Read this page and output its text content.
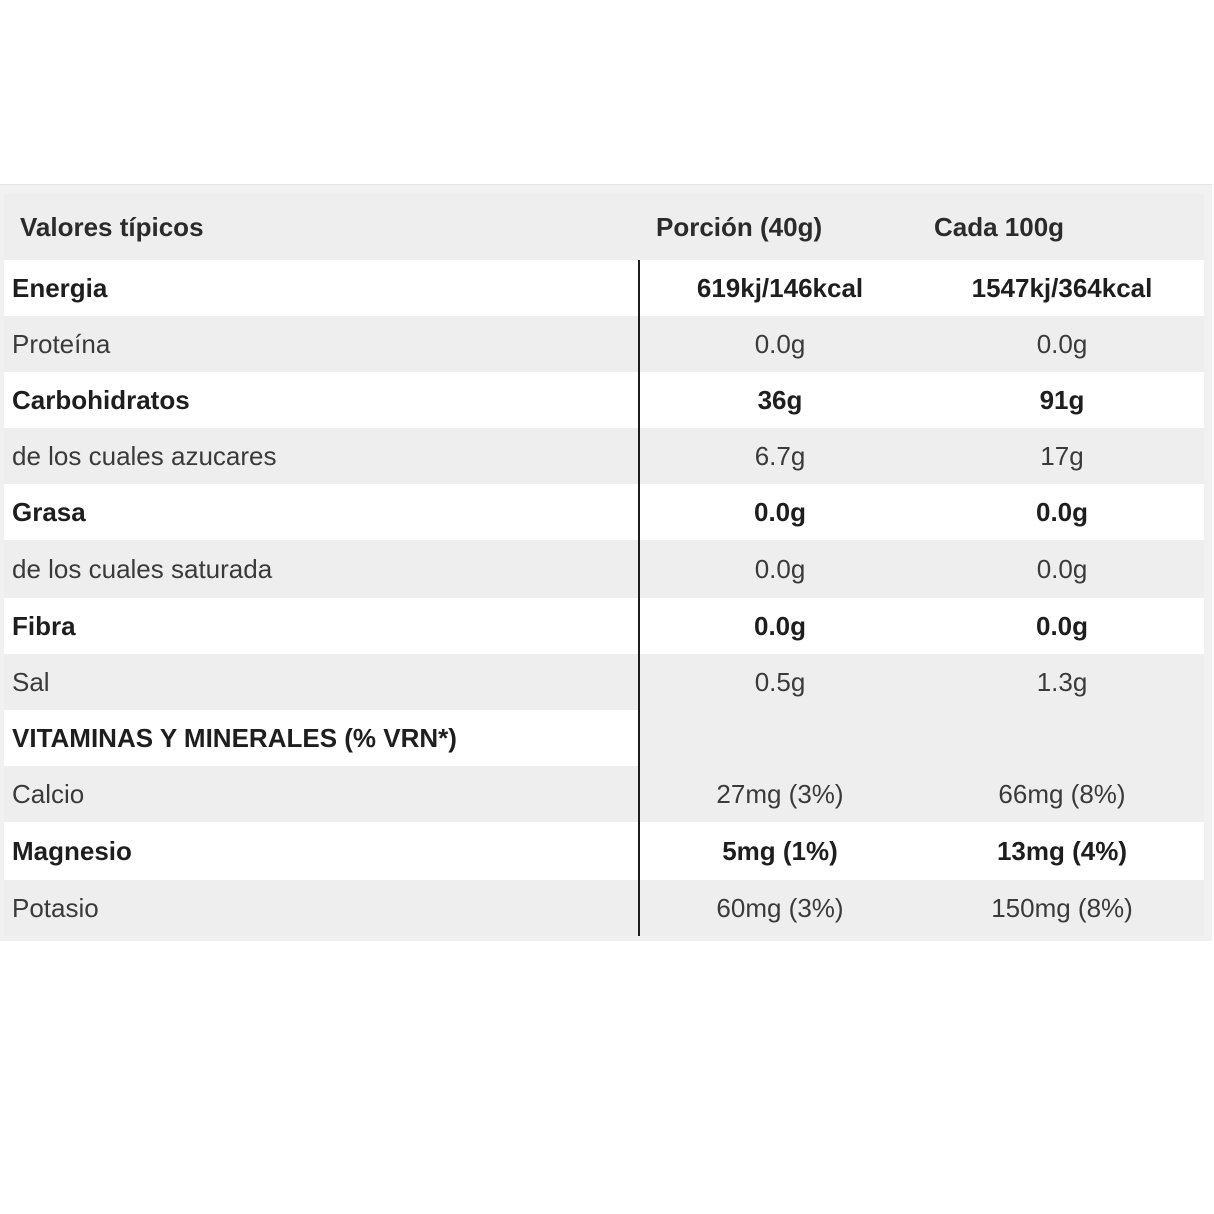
Valores típicos	Porción (40g)	Cada 100g
Energia	619kj/146kcal	1547kj/364kcal
Proteína	0.0g	0.0g
Carbohidratos	36g	91g
de los cuales azucares	6.7g	17g
Grasa	0.0g	0.0g
de los cuales saturada	0.0g	0.0g
Fibra	0.0g	0.0g
Sal	0.5g	1.3g
VITAMINAS Y MINERALES (% VRN*)
Calcio	27mg (3%)	66mg (8%)
Magnesio	5mg (1%)	13mg (4%)
Potasio	60mg (3%)	150mg (8%)
